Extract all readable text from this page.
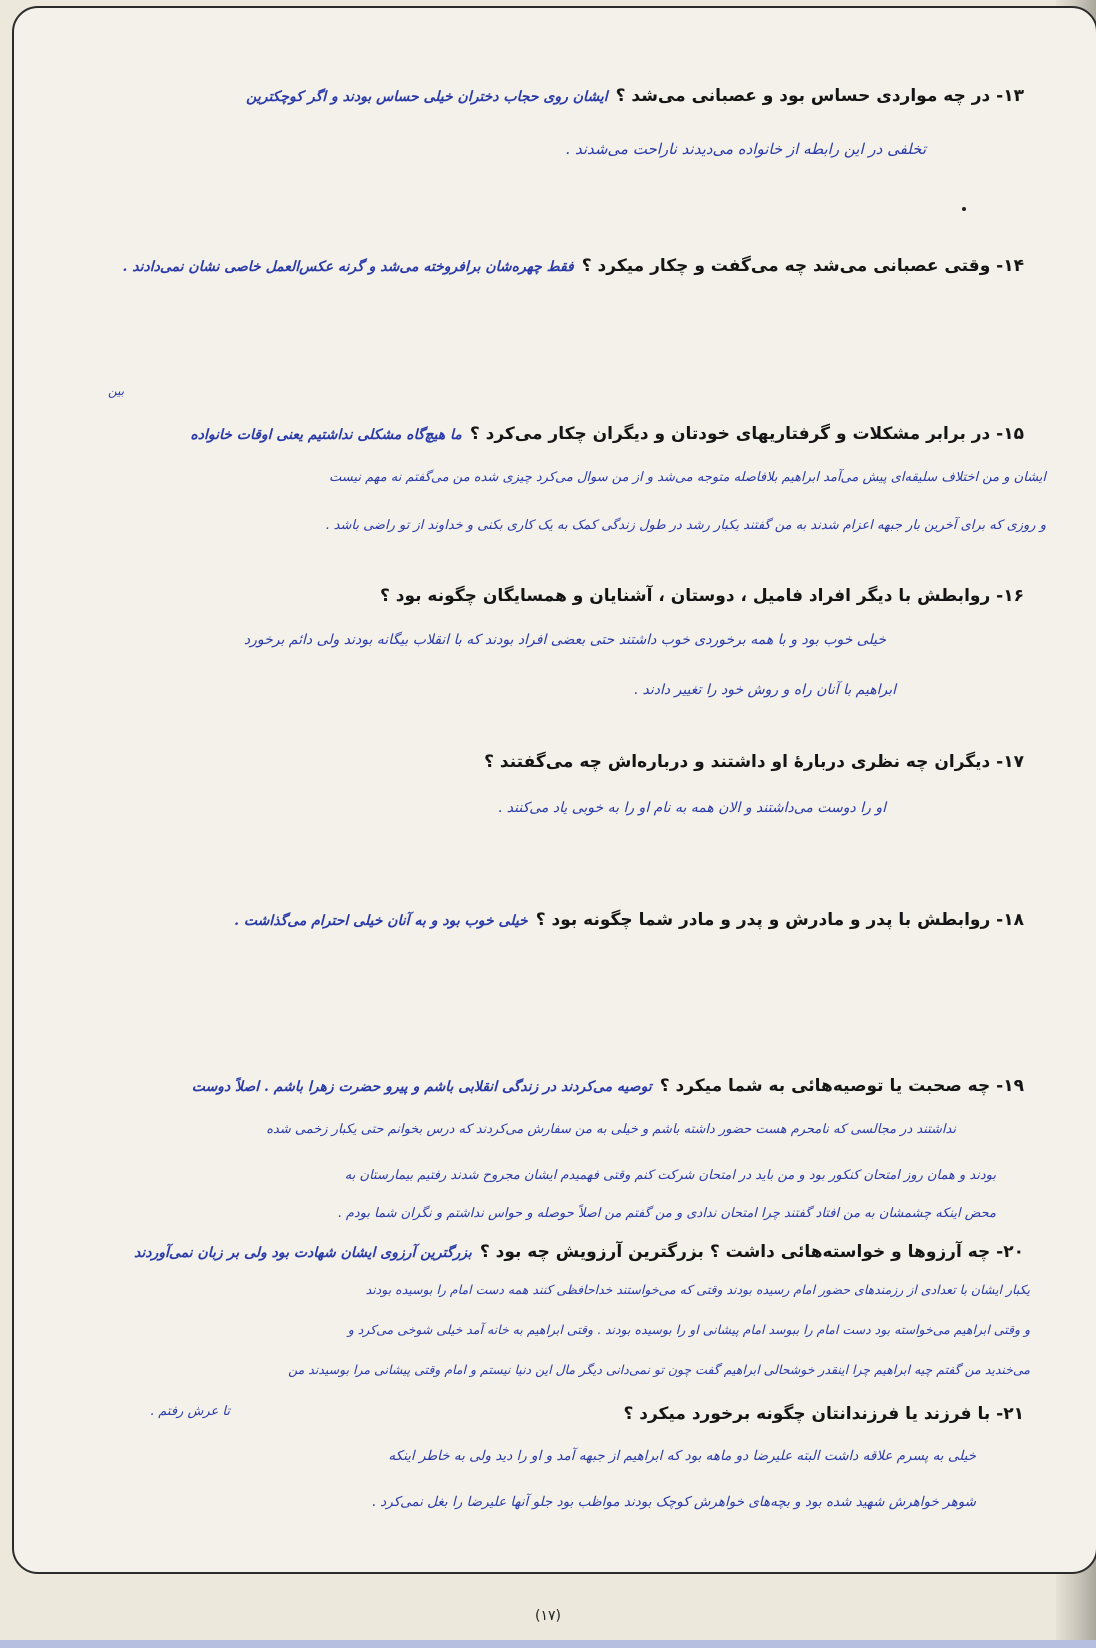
۱۳- در چه مواردی حساس بود و عصبانی می‌شد ؟ایشان روی حجاب دختران خیلی حساس بودند و اگر کوچکترین
تخلفی در این رابطه از خانواده می‌دیدند ناراحت می‌شدند .
۱۴- وقتی عصبانی می‌شد چه می‌گفت و چکار میکرد ؟فقط چهره‌شان برافروخته می‌شد و گرنه عکس‌العمل خاصی نشان نمی‌دادند .
بین
۱۵- در برابر مشکلات و گرفتاریهای خودتان و دیگران چکار می‌کرد ؟ما هیچ‌گاه مشکلی نداشتیم یعنی اوقات خانواده
ایشان و من اختلاف سلیقه‌ای پیش می‌آمد ابراهیم بلافاصله متوجه می‌شد و از من سوال می‌کرد چیزی شده من می‌گفتم نه مهم نیست
و روزی که برای آخرین بار جبهه اعزام شدند به من گفتند یکبار رشد در طول زندگی کمک به یک کاری بکنی و خداوند از تو راضی باشد .
۱۶- روابطش با دیگر افراد فامیل ، دوستان ، آشنایان و همسایگان چگونه بود ؟
خیلی خوب بود و با همه برخوردی خوب داشتند حتی بعضی افراد بودند که با انقلاب بیگانه بودند ولی دائم برخورد
ابراهیم با آنان راه و روش خود را تغییر دادند .
۱۷- دیگران چه نظری دربارهٔ او داشتند و درباره‌اش چه می‌گفتند ؟
او را دوست می‌داشتند و الان همه به نام او را به خوبی یاد می‌کنند .
۱۸- روابطش با پدر و مادرش و پدر و مادر شما چگونه بود ؟خیلی خوب بود و به آنان خیلی احترام می‌گذاشت .
۱۹- چه صحبت یا توصیه‌هائی به شما میکرد ؟توصیه می‌کردند در زندگی انقلابی باشم و پیرو حضرت زهرا باشم . اصلاً دوست
نداشتند در مجالسی که نامحرم هست حضور داشته باشم و خیلی به من سفارش می‌کردند که درس بخوانم حتی یکبار زخمی شده
بودند و همان روز امتحان کنکور بود و من باید در امتحان شرکت کنم وقتی فهمیدم ایشان مجروح شدند رفتیم بیمارستان به
محض اینکه چشمشان به من افتاد گفتند چرا امتحان ندادی و من گفتم من اصلاً حوصله و حواس نداشتم و نگران شما بودم .
۲۰- چه آرزوها و خواسته‌هائی داشت ؟ بزرگترین آرزویش چه بود ؟بزرگترین آرزوی ایشان شهادت بود ولی بر زبان نمی‌آوردند
یکبار ایشان با تعدادی از رزمندهای حضور امام رسیده بودند وقتی که می‌خواستند خداحافظی کنند همه دست امام را بوسیده بودند
و وقتی ابراهیم می‌خواسته بود دست امام را ببوسد امام پیشانی او را بوسیده بودند . وقتی ابراهیم به خانه آمد خیلی شوخی می‌کرد و
می‌خندید من گفتم چیه ابراهیم چرا اینقدر خوشحالی ابراهیم گفت چون تو نمی‌دانی دیگر مال این دنیا نیستم و امام وقتی پیشانی مرا بوسیدند من
تا عرش رفتم .	۲۱- با فرزند یا فرزندانتان چگونه برخورد میکرد ؟
خیلی به پسرم علاقه داشت البته علیرضا دو ماهه بود که ابراهیم از جبهه آمد و او را دید ولی به خاطر اینکه
شوهر خواهرش شهید شده بود و بچه‌های خواهرش کوچک بودند مواظب بود جلو آنها علیرضا را بغل نمی‌کرد .
(۱۷)
